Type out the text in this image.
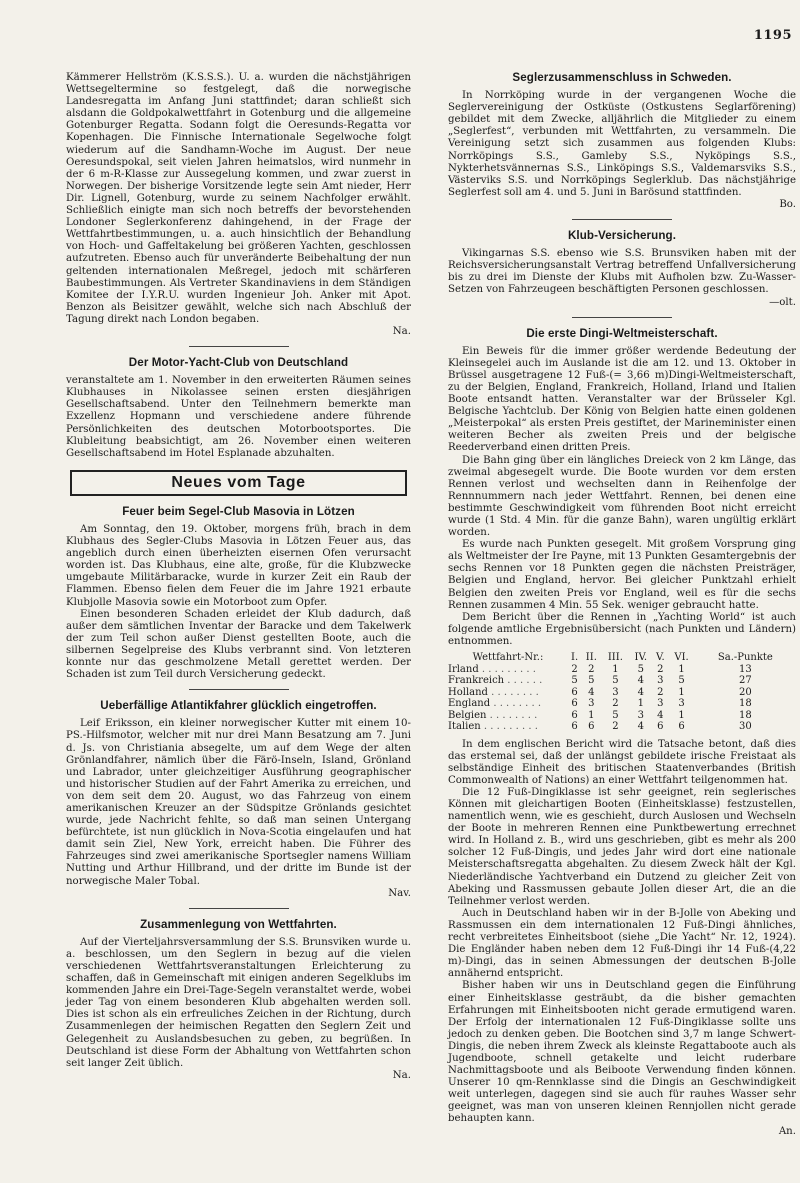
1195

Kämmerer Hellström (K.S.S.S.). U. a. wurden die nächstjährigen Wettsegeltermine so festgelegt, daß die norwegische Landesregatta im Anfang Juni stattfindet; daran schließt sich alsdann die Goldpokalwettfahrt in Gotenburg und die allgemeine Gotenburger Regatta. Sodann folgt die Oeresunds-Regatta vor Kopenhagen. Die Finnische Internationale Segelwoche folgt wiederum auf die Sandhamn-Woche im August. Der neue Oeresundspokal, seit vielen Jahren heimatslos, wird nunmehr in der 6 m-R-Klasse zur Aussegelung kommen, und zwar zuerst in Norwegen. Der bisherige Vorsitzende legte sein Amt nieder, Herr Dir. Lignell, Gotenburg, wurde zu seinem Nachfolger erwählt. Schließlich einigte man sich noch betreffs der bevorstehenden Londoner Seglerkonferenz dahingehend, in der Frage der Wettfahrtbestimmungen, u. a. auch hinsichtlich der Behandlung von Hoch- und Gaffeltakelung bei größeren Yachten, geschlossen aufzutreten. Ebenso auch für unveränderte Beibehaltung der nun geltenden internationalen Meßregel, jedoch mit schärferen Baubestimmungen. Als Vertreter Skandinaviens in dem Ständigen Komitee der I.Y.R.U. wurden Ingenieur Joh. Anker mit Apot. Benzon als Beisitzer gewählt, welche sich nach Abschluß der Tagung direkt nach London begaben.

Na.
Der Motor-Yacht-Club von Deutschland

veranstaltete am 1. November in den erweiterten Räumen seines Klubhauses in Nikolassee seinen ersten diesjährigen Gesellschaftsabend. Unter den Teilnehmern bemerkte man Exzellenz Hopmann und verschiedene andere führende Persönlichkeiten des deutschen Motorbootsportes. Die Klubleitung beabsichtigt, am 26. November einen weiteren Gesellschaftsabend im Hotel Esplanade abzuhalten.

Neues vom Tage
Feuer beim Segel-Club Masovia in Lötzen

Am Sonntag, den 19. Oktober, morgens früh, brach in dem Klubhaus des Segler-Clubs Masovia in Lötzen Feuer aus, das angeblich durch einen überheizten eisernen Ofen verursacht worden ist. Das Klubhaus, eine alte, große, für die Klubzwecke umgebaute Militärbaracke, wurde in kurzer Zeit ein Raub der Flammen. Ebenso fielen dem Feuer die im Jahre 1921 erbaute Klubjolle Masovia sowie ein Motorboot zum Opfer.

Einen besonderen Schaden erleidet der Klub dadurch, daß außer dem sämtlichen Inventar der Baracke und dem Takelwerk der zum Teil schon außer Dienst gestellten Boote, auch die silbernen Segelpreise des Klubs verbrannt sind. Von letzteren konnte nur das geschmolzene Metall gerettet werden. Der Schaden ist zum Teil durch Versicherung gedeckt.

Ueberfällige Atlantikfahrer glücklich eingetroffen.

Leif Eriksson, ein kleiner norwegischer Kutter mit einem 10-PS.-Hilfsmotor, welcher mit nur drei Mann Besatzung am 7. Juni d. Js. von Christiania absegelte, um auf dem Wege der alten Grönlandfahrer, nämlich über die Färö-Inseln, Island, Grönland und Labrador, unter gleichzeitiger Ausführung geographischer und historischer Studien auf der Fahrt Amerika zu erreichen, und von dem seit dem 20. August, wo das Fahrzeug von einem amerikanischen Kreuzer an der Südspitze Grönlands gesichtet wurde, jede Nachricht fehlte, so daß man seinen Untergang befürchtete, ist nun glücklich in Nova-Scotia eingelaufen und hat damit sein Ziel, New York, erreicht haben. Die Führer des Fahrzeuges sind zwei amerikanische Sportsegler namens William Nutting und Arthur Hillbrand, und der dritte im Bunde ist der norwegische Maler Tobal.

Nav.
Zusammenlegung von Wettfahrten.

Auf der Vierteljahrsversammlung der S.S. Brunsviken wurde u. a. beschlossen, um den Seglern in bezug auf die vielen verschiedenen Wettfahrtsveranstaltungen Erleichterung zu schaffen, daß in Gemeinschaft mit einigen anderen Segelklubs im kommenden Jahre ein Drei-Tage-Segeln veranstaltet werde, wobei jeder Tag von einem besonderen Klub abgehalten werden soll. Dies ist schon als ein erfreuliches Zeichen in der Richtung, durch Zusammenlegen der heimischen Regatten den Seglern Zeit und Gelegenheit zu Auslandsbesuchen zu geben, zu begrüßen. In Deutschland ist diese Form der Abhaltung von Wettfahrten schon seit langer Zeit üblich.

Na.
Seglerzusammenschluss in Schweden.

In Norrköping wurde in der vergangenen Woche die Seglervereinigung der Ostküste (Ostkustens Seglarförening) gebildet mit dem Zwecke, alljährlich die Mitglieder zu einem „Seglerfest“, verbunden mit Wettfahrten, zu versammeln. Die Vereinigung setzt sich zusammen aus folgenden Klubs: Norrköpings S.S., Gamleby S.S., Nyköpings S.S., Nykterhetsvännernas S.S., Linköpings S.S., Valdemarsviks S.S., Västerviks S.S. und Norrköpings Seglerklub. Das nächstjährige Seglerfest soll am 4. und 5. Juni in Barösund stattfinden.

Bo.
Klub-Versicherung.

Vikingarnas S.S. ebenso wie S.S. Brunsviken haben mit der Reichsversicherungsanstalt Vertrag betreffend Unfallversicherung bis zu drei im Dienste der Klubs mit Aufholen bzw. Zu-Wasser-Setzen von Fahrzeugeen beschäftigten Personen geschlossen.

—olt.
Die erste Dingi-Weltmeisterschaft.

Ein Beweis für die immer größer werdende Bedeutung der Kleinsegelei auch im Auslande ist die am 12. und 13. Oktober in Brüssel ausgetragene 12 Fuß-(= 3,66 m)Dingi-Weltmeisterschaft, zu der Belgien, England, Frankreich, Holland, Irland und Italien Boote entsandt hatten. Veranstalter war der Brüsseler Kgl. Belgische Yachtclub. Der König von Belgien hatte einen goldenen „Meisterpokal“ als ersten Preis gestiftet, der Marineminister einen weiteren Becher als zweiten Preis und der belgische Reederverband einen dritten Preis.

Die Bahn ging über ein längliches Dreieck von 2 km Länge, das zweimal abgesegelt wurde. Die Boote wurden vor dem ersten Rennen verlost und wechselten dann in Reihenfolge der Rennnummern nach jeder Wettfahrt. Rennen, bei denen eine bestimmte Geschwindigkeit vom führenden Boot nicht erreicht wurde (1 Std. 4 Min. für die ganze Bahn), waren ungültig erklärt worden.

Es wurde nach Punkten gesegelt. Mit großem Vorsprung ging als Weltmeister der Ire Payne, mit 13 Punkten Gesamtergebnis der sechs Rennen vor 18 Punkten gegen die nächsten Preisträger, Belgien und England, hervor. Bei gleicher Punktzahl erhielt Belgien den zweiten Preis vor England, weil es für die sechs Rennen zusammen 4 Min. 55 Sek. weniger gebraucht hatte.

Dem Bericht über die Rennen in „Yachting World“ ist auch folgende amtliche Ergebnisübersicht (nach Punkten und Ländern) entnommen.

Wettfahrt-Nr.:	I.	II.	III.	IV.	V.	VI.	Sa.-Punkte
Irland . . . . . . . . .	2	2	1	5	2	1	13
Frankreich . . . . . .	5	5	5	4	3	5	27
Holland . . . . . . . .	6	4	3	4	2	1	20
England . . . . . . . .	6	3	2	1	3	3	18
Belgien . . . . . . . .	6	1	5	3	4	1	18
Italien . . . . . . . . .	6	6	2	4	6	6	30

In dem englischen Bericht wird die Tatsache betont, daß dies das erstemal sei, daß der unlängst gebildete irische Freistaat als selbständige Einheit des britischen Staatenverbandes (British Commonwealth of Nations) an einer Wettfahrt teilgenommen hat.

Die 12 Fuß-Dingiklasse ist sehr geeignet, rein seglerisches Können mit gleichartigen Booten (Einheitsklasse) festzustellen, namentlich wenn, wie es geschieht, durch Auslosen und Wechseln der Boote in mehreren Rennen eine Punktbewertung errechnet wird. In Holland z. B., wird uns geschrieben, gibt es mehr als 200 solcher 12 Fuß-Dingis, und jedes Jahr wird dort eine nationale Meisterschaftsregatta abgehalten. Zu diesem Zweck hält der Kgl. Niederländische Yachtverband ein Dutzend zu gleicher Zeit von Abeking und Rassmussen gebaute Jollen dieser Art, die an die Teilnehmer verlost werden.

Auch in Deutschland haben wir in der B-Jolle von Abeking und Rassmussen ein dem internationalen 12 Fuß-Dingi ähnliches, recht verbreitetes Einheitsboot (siehe „Die Yacht“ Nr. 12, 1924). Die Engländer haben neben dem 12 Fuß-Dingi ihr 14 Fuß-(4,22 m)-Dingi, das in seinen Abmessungen der deutschen B-Jolle annähernd entspricht.

Bisher haben wir uns in Deutschland gegen die Einführung einer Einheitsklasse gesträubt, da die bisher gemachten Erfahrungen mit Einheitsbooten nicht gerade ermutigend waren. Der Erfolg der internationalen 12 Fuß-Dingiklasse sollte uns jedoch zu denken geben. Die Bootchen sind 3,7 m lange Schwert-Dingis, die neben ihrem Zweck als kleinste Regattaboote auch als Jugendboote, schnell getakelte und leicht ruderbare Nachmittagsboote und als Beiboote Verwendung finden können. Unserer 10 qm-Rennklasse sind die Dingis an Geschwindigkeit weit unterlegen, dagegen sind sie auch für rauhes Wasser sehr geeignet, was man von unseren kleinen Rennjollen nicht gerade behaupten kann.

An.
